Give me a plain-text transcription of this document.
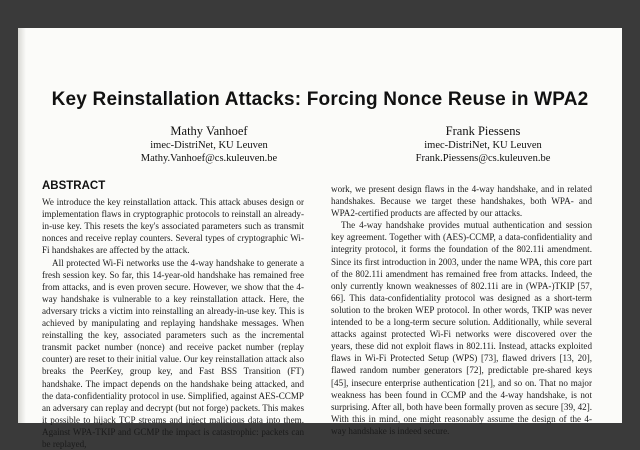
Key Reinstallation Attacks: Forcing Nonce Reuse in WPA2
Mathy Vanhoef
imec-DistriNet, KU Leuven
Mathy.Vanhoef@cs.kuleuven.be
Frank Piessens
imec-DistriNet, KU Leuven
Frank.Piessens@cs.kuleuven.be
ABSTRACT

We introduce the key reinstallation attack. This attack abuses design or implementation flaws in cryptographic protocols to reinstall an already-in-use key. This resets the key's associated parameters such as transmit nonces and receive replay counters. Several types of cryptographic Wi-Fi handshakes are affected by the attack.

All protected Wi-Fi networks use the 4-way handshake to generate a fresh session key. So far, this 14-year-old handshake has remained free from attacks, and is even proven secure. However, we show that the 4-way handshake is vulnerable to a key reinstallation attack. Here, the adversary tricks a victim into reinstalling an already-in-use key. This is achieved by manipulating and replaying handshake messages. When reinstalling the key, associated parameters such as the incremental transmit packet number (nonce) and receive packet number (replay counter) are reset to their initial value. Our key reinstallation attack also breaks the PeerKey, group key, and Fast BSS Transition (FT) handshake. The impact depends on the handshake being attacked, and the data-confidentiality protocol in use. Simplified, against AES-CCMP an adversary can replay and decrypt (but not forge) packets. This makes it possible to hijack TCP streams and inject malicious data into them. Against WPA-TKIP and GCMP the impact is catastrophic: packets can be replayed,

work, we present design flaws in the 4-way handshake, and in related handshakes. Because we target these handshakes, both WPA- and WPA2-certified products are affected by our attacks.

The 4-way handshake provides mutual authentication and session key agreement. Together with (AES)-CCMP, a data-confidentiality and integrity protocol, it forms the foundation of the 802.11i amendment. Since its first introduction in 2003, under the name WPA, this core part of the 802.11i amendment has remained free from attacks. Indeed, the only currently known weaknesses of 802.11i are in (WPA-)TKIP [57, 66]. This data-confidentiality protocol was designed as a short-term solution to the broken WEP protocol. In other words, TKIP was never intended to be a long-term secure solution. Additionally, while several attacks against protected Wi-Fi networks were discovered over the years, these did not exploit flaws in 802.11i. Instead, attacks exploited flaws in Wi-Fi Protected Setup (WPS) [73], flawed drivers [13, 20], flawed random number generators [72], predictable pre-shared keys [45], insecure enterprise authentication [21], and so on. That no major weakness has been found in CCMP and the 4-way handshake, is not surprising. After all, both have been formally proven as secure [39, 42]. With this in mind, one might reasonably assume the design of the 4-way handshake is indeed secure.
